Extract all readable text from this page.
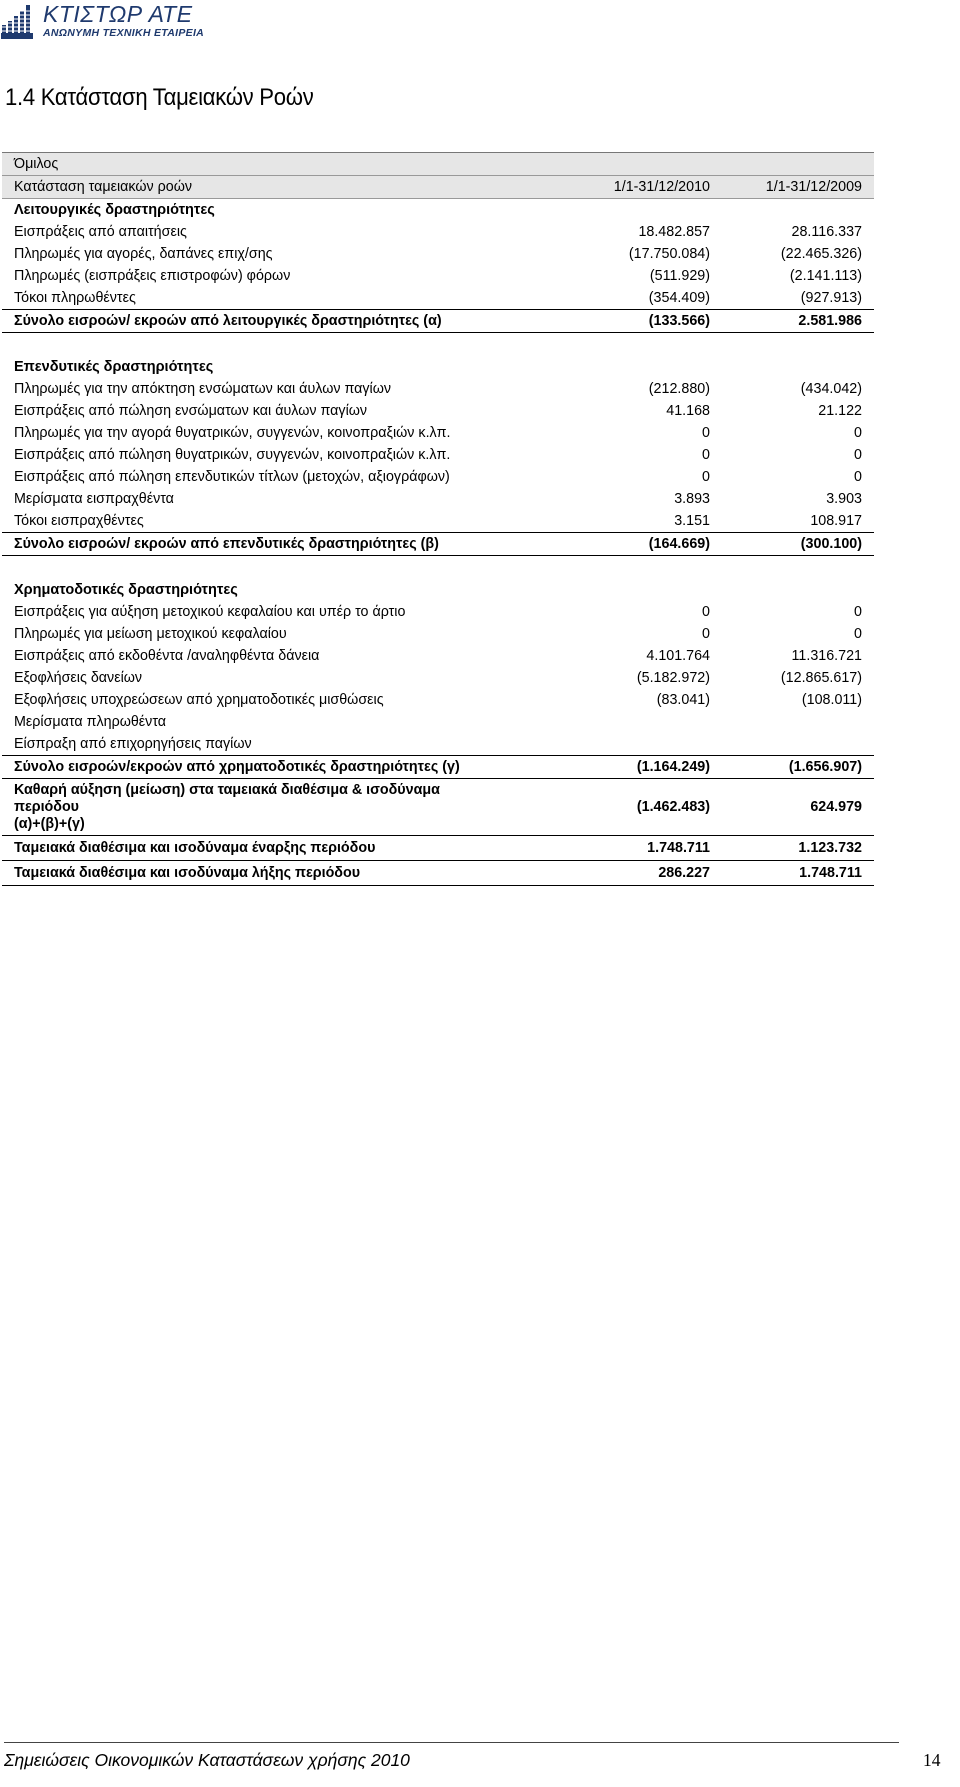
ΚΤΙΣΤΩΡ ΑΤΕ
ΑΝΩΝΥΜΗ ΤΕΧΝΙΚΗ ΕΤΑΙΡΕΙΑ
1.4 Κατάσταση Ταμειακών Ροών
Όμιλος		
Κατάσταση ταμειακών ροών	1/1-31/12/2010	1/1-31/12/2009
Λειτουργικές δραστηριότητες		
Εισπράξεις από απαιτήσεις	18.482.857	28.116.337
Πληρωμές για αγορές, δαπάνες επιχ/σης	(17.750.084)	(22.465.326)
Πληρωμές (εισπράξεις επιστροφών) φόρων	(511.929)	(2.141.113)
Τόκοι πληρωθέντες	(354.409)	(927.913)
Σύνολο εισροών/ εκροών από λειτουργικές δραστηριότητες (α)	(133.566)	2.581.986

Επενδυτικές δραστηριότητες		
Πληρωμές για την απόκτηση ενσώματων και άυλων παγίων	(212.880)	(434.042)
Εισπράξεις από πώληση ενσώματων και άυλων παγίων	41.168	21.122
Πληρωμές για την αγορά θυγατρικών, συγγενών, κοινοπραξιών κ.λπ.	0	0
Εισπράξεις από πώληση θυγατρικών, συγγενών, κοινοπραξιών κ.λπ.	0	0
Εισπράξεις από πώληση επενδυτικών τίτλων (μετοχών, αξιογράφων)	0	0
Μερίσματα εισπραχθέντα	3.893	3.903
Τόκοι εισπραχθέντες	3.151	108.917
Σύνολο εισροών/ εκροών από επενδυτικές δραστηριότητες (β)	(164.669)	(300.100)

Χρηματοδοτικές δραστηριότητες		
Εισπράξεις για αύξηση μετοχικού κεφαλαίου και υπέρ το άρτιο	0	0
Πληρωμές για μείωση μετοχικού κεφαλαίου	0	0
Εισπράξεις από εκδοθέντα /αναληφθέντα δάνεια	4.101.764	11.316.721
Εξοφλήσεις δανείων	(5.182.972)	(12.865.617)
Εξοφλήσεις υποχρεώσεων από χρηματοδοτικές μισθώσεις	(83.041)	(108.011)
Μερίσματα πληρωθέντα		
Είσπραξη από επιχορηγήσεις παγίων		
Σύνολο εισροών/εκροών από χρηματοδοτικές δραστηριότητες (γ)	(1.164.249)	(1.656.907)

Καθαρή αύξηση (μείωση) στα ταμειακά διαθέσιμα & ισοδύναμα
περιόδου
(α)+(β)+(γ)	(1.462.483)	624.979
Ταμειακά διαθέσιμα και ισοδύναμα έναρξης περιόδου	1.748.711	1.123.732
Ταμειακά διαθέσιμα και ισοδύναμα λήξης περιόδου	286.227	1.748.711
Σημειώσεις Οικονομικών Καταστάσεων χρήσης 2010	14
